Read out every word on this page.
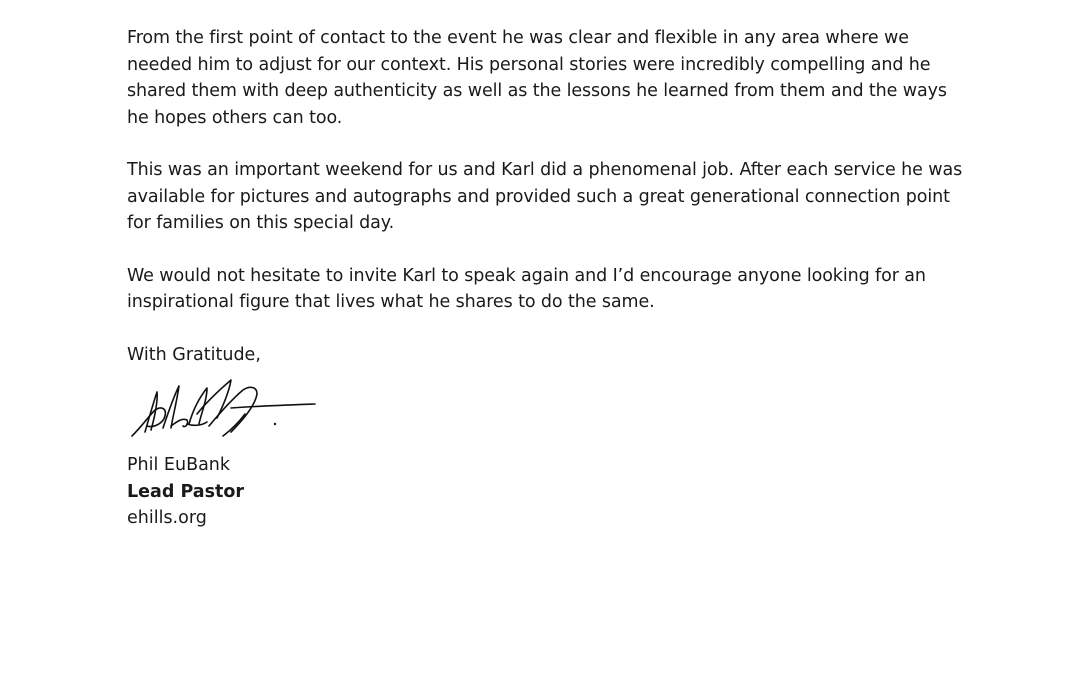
From the first point of contact to the event he was clear and flexible in any area where we needed him to adjust for our context. His personal stories were incredibly compelling and he shared them with deep authenticity as well as the lessons he learned from them and the ways he hopes others can too.

This was an important weekend for us and Karl did a phenomenal job. After each service he was available for pictures and autographs and provided such a great generational connection point for families on this special day.

We would not hesitate to invite Karl to speak again and I’d encourage anyone looking for an inspirational figure that lives what he shares to do the same.

With Gratitude,

Phil EuBank

Lead Pastor

ehills.org
